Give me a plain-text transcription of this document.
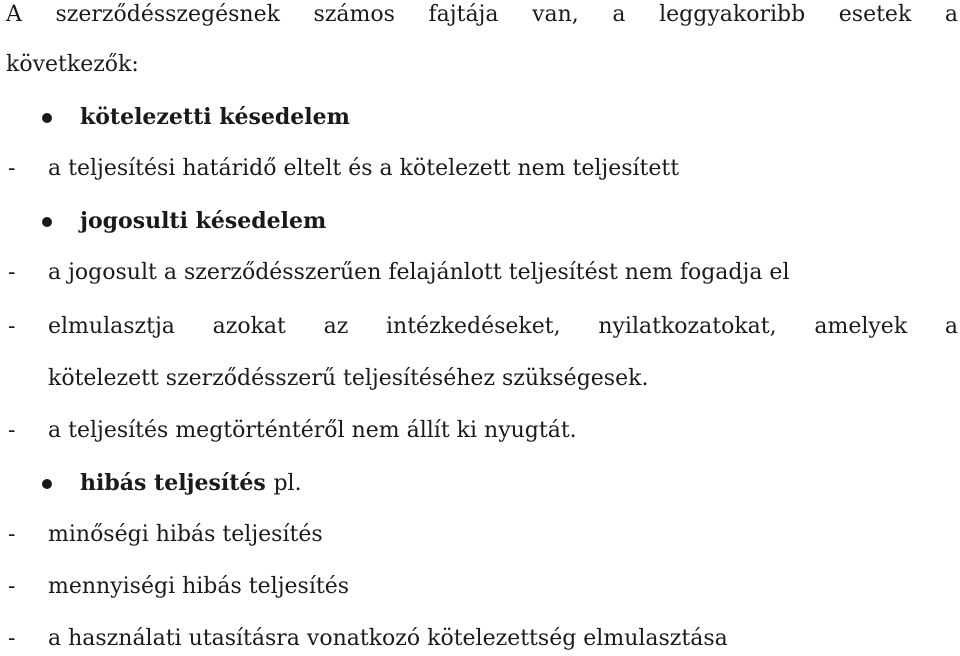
A szerződésszegésnek számos fajtája van, a leggyakoribb esetek a
következők:
kötelezetti késedelem
- a teljesítési határidő eltelt és a kötelezett nem teljesített
jogosulti késedelem
- a jogosult a szerződésszerűen felajánlott teljesítést nem fogadja el
- elmulasztja azokat az intézkedéseket, nyilatkozatokat, amelyek a
kötelezett szerződésszerű teljesítéséhez szükségesek.
- a teljesítés megtörténtéről nem állít ki nyugtát.
hibás teljesítés pl.
- minőségi hibás teljesítés
- mennyiségi hibás teljesítés
- a használati utasításra vonatkozó kötelezettség elmulasztása
